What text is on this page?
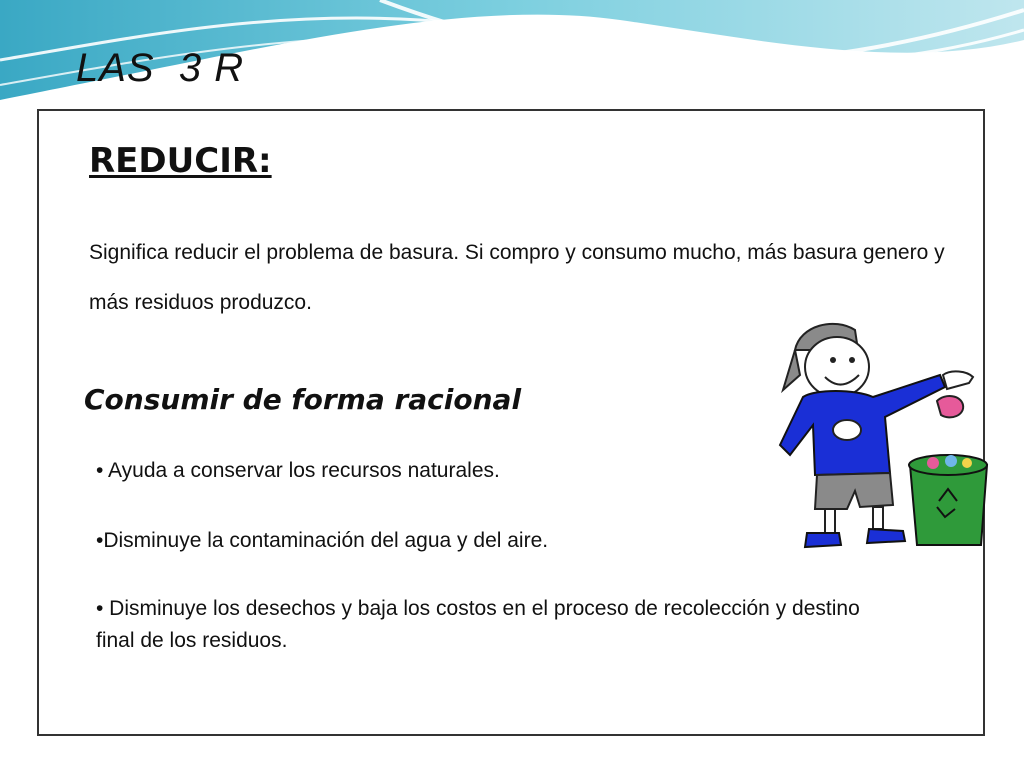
LAS  3 R
REDUCIR:
Significa reducir el problema de basura. Si compro y consumo mucho, más basura genero y más residuos produzco.
Consumir de forma racional
• Ayuda a conservar los recursos naturales.
•Disminuye la contaminación del agua y del aire.
• Disminuye los desechos y baja los costos en el proceso de recolección y destino final de los residuos.
